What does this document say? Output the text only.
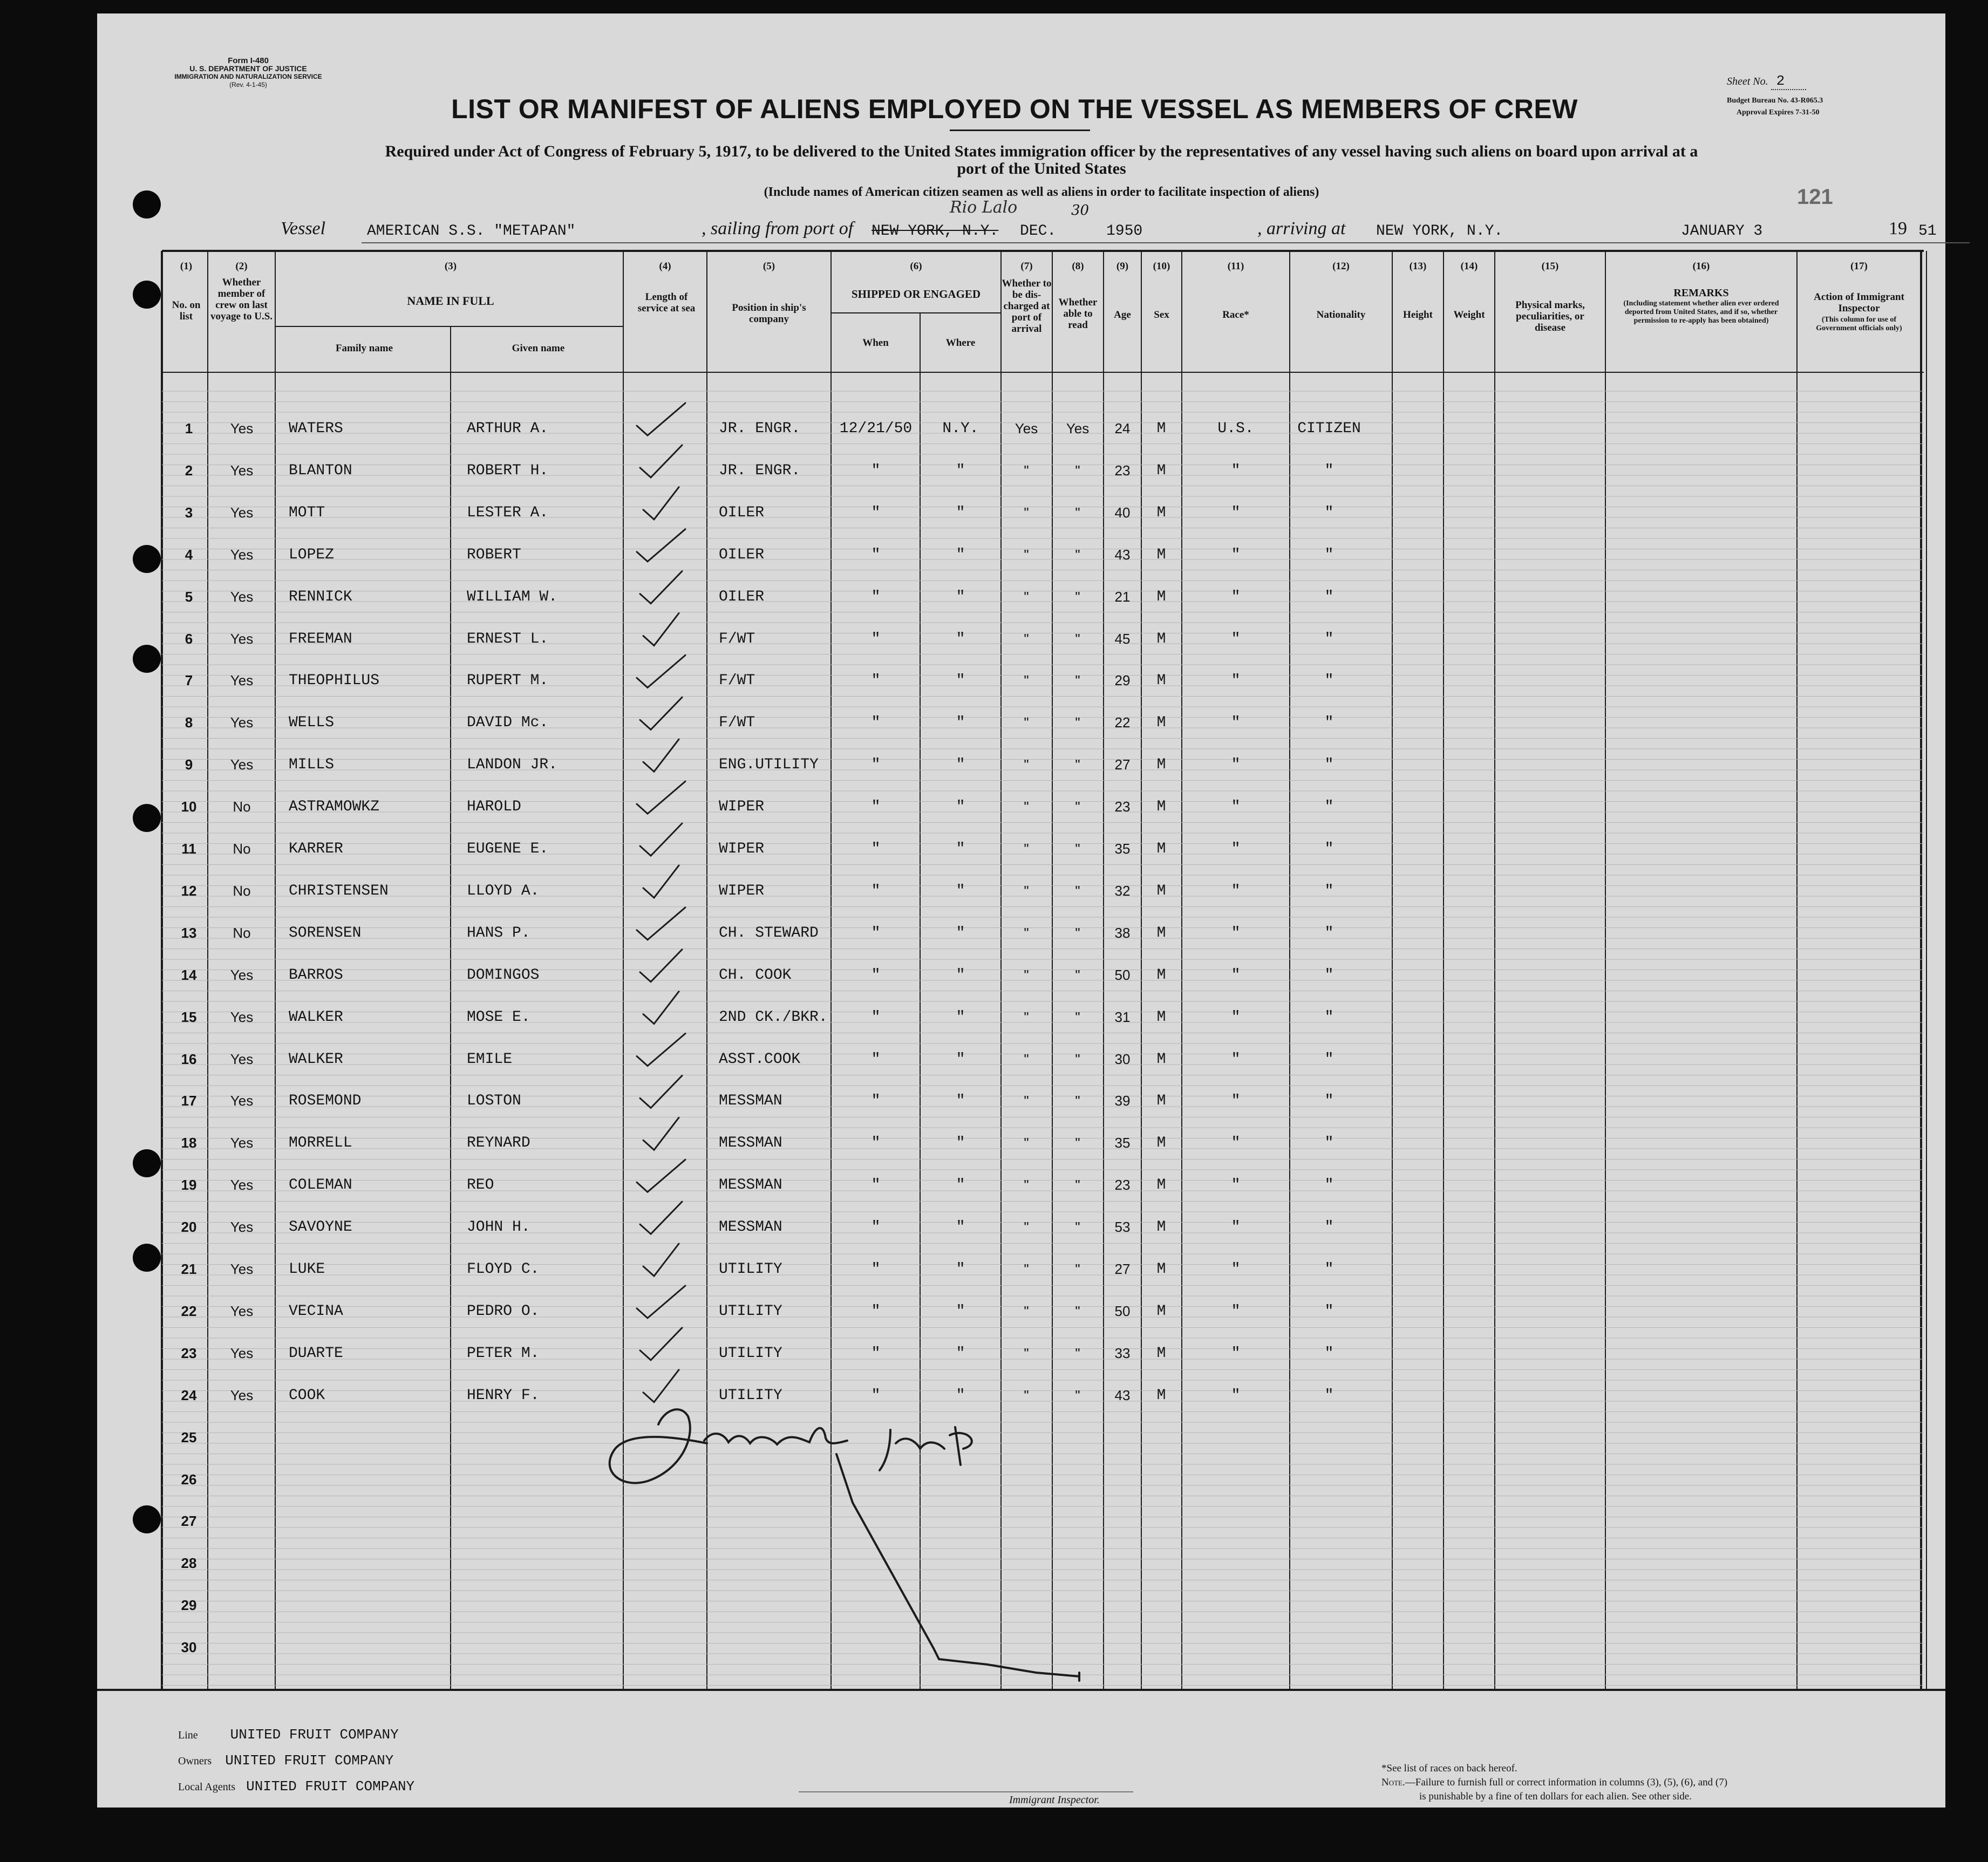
Form I-480
U. S. DEPARTMENT OF JUSTICE
IMMIGRATION AND NATURALIZATION SERVICE
(Rev. 4-1-45)	Sheet No. 2
Budget Bureau No. 43-R065.3
Approval Expires 7-31-50
121
LIST OR MANIFEST OF ALIENS EMPLOYED ON THE VESSEL AS MEMBERS OF CREW
Required under Act of Congress of February 5, 1917, to be delivered to the United States immigration officer by the representatives of any vessel having such aliens on board upon arrival at a
port of the United States
(Include names of American citizen seamen as well as aliens in order to facilitate inspection of aliens)
Vessel	AMERICAN S.S. "METAPAN"	, sailing from port of NEW YORK, N.Y.
Rio Lalo
DEC.
30
1950	, arriving at NEW YORK, N.Y.	JANUARY 3	19 51
(1)
No. on list
(2)
Whether member of crew on last voyage to U.S.
(3)
NAME IN FULL
Family name	Given name
(4)
Length of service at sea
(5)
Position in ship's company
(6)
SHIPPED OR ENGAGED
When	Where
(7)
Whether to be dis-charged at port of arrival
(8)
Whether able to read
(9)
Age
(10)
Sex
(11)
Race*
(12)
Nationality
(13)
Height
(14)
Weight
(15)
Physical marks, peculiarities, or disease
(16)
REMARKS
(Including statement whether alien ever ordered deported from United States, and if so, whether permission to re-apply has been obtained)
(17)
Action of Immigrant Inspector
(This column for use of Government officials only)
1	Yes	WATERS	ARTHUR A.	JR. ENGR.	12/21/50	N.Y.	Yes	Yes	24	M	U.S.	CITIZEN
2	Yes	BLANTON	ROBERT H.	JR. ENGR.	"	"	"	"	23	M	"	"
3	Yes	MOTT	LESTER A.	OILER	"	"	"	"	40	M	"	"
4	Yes	LOPEZ	ROBERT	OILER	"	"	"	"	43	M	"	"
5	Yes	RENNICK	WILLIAM W.	OILER	"	"	"	"	21	M	"	"
6	Yes	FREEMAN	ERNEST L.	F/WT	"	"	"	"	45	M	"	"
7	Yes	THEOPHILUS	RUPERT M.	F/WT	"	"	"	"	29	M	"	"
8	Yes	WELLS	DAVID Mc.	F/WT	"	"	"	"	22	M	"	"
9	Yes	MILLS	LANDON JR.	ENG.UTILITY	"	"	"	"	27	M	"	"
10	No	ASTRAMOWKZ	HAROLD	WIPER	"	"	"	"	23	M	"	"
11	No	KARRER	EUGENE E.	WIPER	"	"	"	"	35	M	"	"
12	No	CHRISTENSEN	LLOYD A.	WIPER	"	"	"	"	32	M	"	"
13	No	SORENSEN	HANS P.	CH. STEWARD	"	"	"	"	38	M	"	"
14	Yes	BARROS	DOMINGOS	CH. COOK	"	"	"	"	50	M	"	"
15	Yes	WALKER	MOSE E.	2ND CK./BKR.	"	"	"	"	31	M	"	"
16	Yes	WALKER	EMILE	ASST.COOK	"	"	"	"	30	M	"	"
17	Yes	ROSEMOND	LOSTON	MESSMAN	"	"	"	"	39	M	"	"
18	Yes	MORRELL	REYNARD	MESSMAN	"	"	"	"	35	M	"	"
19	Yes	COLEMAN	REO	MESSMAN	"	"	"	"	23	M	"	"
20	Yes	SAVOYNE	JOHN H.	MESSMAN	"	"	"	"	53	M	"	"
21	Yes	LUKE	FLOYD C.	UTILITY	"	"	"	"	27	M	"	"
22	Yes	VECINA	PEDRO O.	UTILITY	"	"	"	"	50	M	"	"
23	Yes	DUARTE	PETER M.	UTILITY	"	"	"	"	33	M	"	"
24	Yes	COOK	HENRY F.	UTILITY	"	"	"	"	43	M	"	"
25
26
27
28
29
30
Line UNITED FRUIT COMPANY
Owners UNITED FRUIT COMPANY
Local Agents UNITED FRUIT COMPANY
Immigrant Inspector.
*See list of races on back hereof.
Note.—Failure to furnish full or correct information in columns (3), (5), (6), and (7)
is punishable by a fine of ten dollars for each alien. See other side.
